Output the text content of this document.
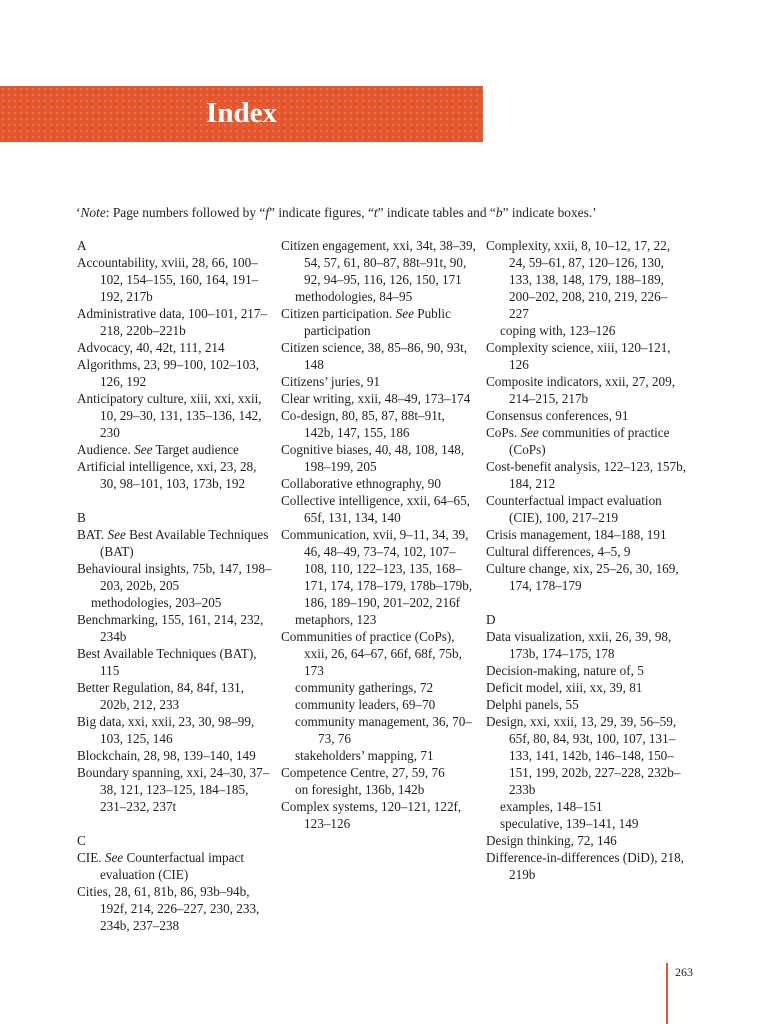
Index
‘Note: Page numbers followed by “f” indicate figures, “t” indicate tables and “b” indicate boxes.’
A
Accountability, xviii, 28, 66, 100–102, 154–155, 160, 164, 191–192, 217b
Administrative data, 100–101, 217–218, 220b–221b
Advocacy, 40, 42t, 111, 214
Algorithms, 23, 99–100, 102–103, 126, 192
Anticipatory culture, xiii, xxi, xxii, 10, 29–30, 131, 135–136, 142, 230
Audience. See Target audience
Artificial intelligence, xxi, 23, 28, 30, 98–101, 103, 173b, 192
B
BAT. See Best Available Techniques (BAT)
Behavioural insights, 75b, 147, 198–203, 202b, 205
methodologies, 203–205
Benchmarking, 155, 161, 214, 232, 234b
Best Available Techniques (BAT), 115
Better Regulation, 84, 84f, 131, 202b, 212, 233
Big data, xxi, xxii, 23, 30, 98–99, 103, 125, 146
Blockchain, 28, 98, 139–140, 149
Boundary spanning, xxi, 24–30, 37–38, 121, 123–125, 184–185, 231–232, 237t
C
CIE. See Counterfactual impact evaluation (CIE)
Cities, 28, 61, 81b, 86, 93b–94b, 192f, 214, 226–227, 230, 233, 234b, 237–238
Citizen engagement, xxi, 34t, 38–39, 54, 57, 61, 80–87, 88t–91t, 90, 92, 94–95, 116, 126, 150, 171
methodologies, 84–95
Citizen participation. See Public participation
Citizen science, 38, 85–86, 90, 93t, 148
Citizens’ juries, 91
Clear writing, xxii, 48–49, 173–174
Co-design, 80, 85, 87, 88t–91t, 142b, 147, 155, 186
Cognitive biases, 40, 48, 108, 148, 198–199, 205
Collaborative ethnography, 90
Collective intelligence, xxii, 64–65, 65f, 131, 134, 140
Communication, xvii, 9–11, 34, 39, 46, 48–49, 73–74, 102, 107–108, 110, 122–123, 135, 168–171, 174, 178–179, 178b–179b, 186, 189–190, 201–202, 216f
metaphors, 123
Communities of practice (CoPs), xxii, 26, 64–67, 66f, 68f, 75b, 173
community gatherings, 72
community leaders, 69–70
community management, 36, 70–73, 76
stakeholders’ mapping, 71
Competence Centre, 27, 59, 76
on foresight, 136b, 142b
Complex systems, 120–121, 122f, 123–126
Complexity, xxii, 8, 10–12, 17, 22, 24, 59–61, 87, 120–126, 130, 133, 138, 148, 179, 188–189, 200–202, 208, 210, 219, 226–227
coping with, 123–126
Complexity science, xiii, 120–121, 126
Composite indicators, xxii, 27, 209, 214–215, 217b
Consensus conferences, 91
CoPs. See communities of practice (CoPs)
Cost-benefit analysis, 122–123, 157b, 184, 212
Counterfactual impact evaluation (CIE), 100, 217–219
Crisis management, 184–188, 191
Cultural differences, 4–5, 9
Culture change, xix, 25–26, 30, 169, 174, 178–179
D
Data visualization, xxii, 26, 39, 98, 173b, 174–175, 178
Decision-making, nature of, 5
Deficit model, xiii, xx, 39, 81
Delphi panels, 55
Design, xxi, xxii, 13, 29, 39, 56–59, 65f, 80, 84, 93t, 100, 107, 131–133, 141, 142b, 146–148, 150–151, 199, 202b, 227–228, 232b–233b
examples, 148–151
speculative, 139–141, 149
Design thinking, 72, 146
Difference-in-differences (DiD), 218, 219b
263
